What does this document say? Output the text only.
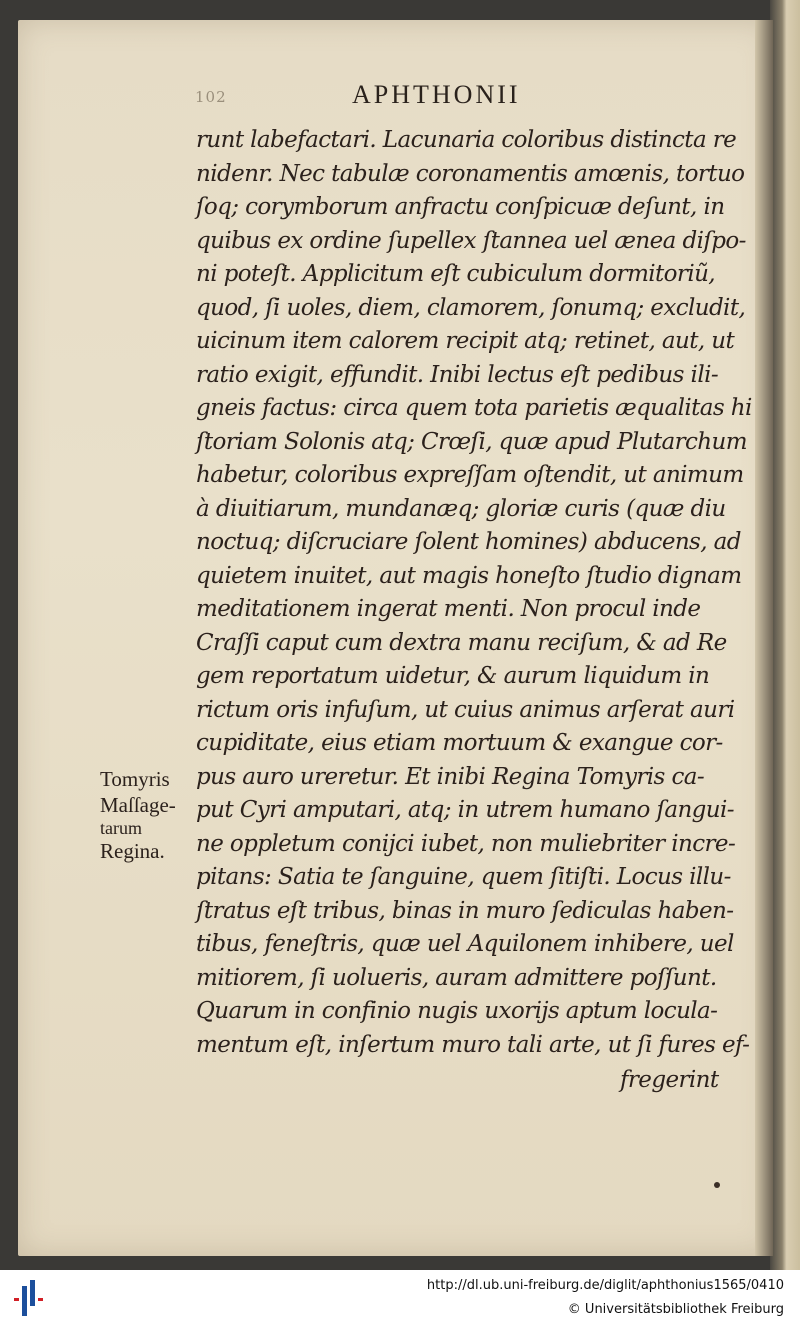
102	APHTHONII
runt labefactari. Lacunaria coloribus distincta re
nidenr. Nec tabulæ coronamentis amœnis, tortuo
ſoq; corymborum anfractu conſpicuæ deſunt, in
quibus ex ordine ſupellex ſtannea uel ænea diſpo-
ni poteſt. Applicitum eſt cubiculum dormitoriũ,
quod, ſi uoles, diem, clamorem, ſonumq; excludit,
uicinum item calorem recipit atq; retinet, aut, ut
ratio exigit, effundit. Inibi lectus eſt pedibus ili-
gneis factus: circa quem tota parietis æqualitas hi
ſtoriam Solonis atq; Crœſi, quæ apud Plutarchum
habetur, coloribus expreſſam oſtendit, ut animum
à diuitiarum, mundanæq; gloriæ curis (quæ diu
noctuq; diſcruciare ſolent homines) abducens, ad
quietem inuitet, aut magis honeſto ſtudio dignam
meditationem ingerat menti. Non procul inde
Craſſi caput cum dextra manu reciſum, & ad Re
gem reportatum uidetur, & aurum liquidum in
rictum oris infuſum, ut cuius animus arſerat auri
cupiditate, eius etiam mortuum & exangue cor-
pus auro ureretur. Et inibi Regina Tomyris ca-
put Cyri amputari, atq; in utrem humano ſangui-
ne oppletum conijci iubet, non muliebriter incre-
pitans: Satia te ſanguine, quem ſitiſti. Locus illu-
ſtratus eſt tribus, binas in muro ſediculas haben-
tibus, feneſtris, quæ uel Aquilonem inhibere, uel
mitiorem, ſi uolueris, auram admittere poſſunt.
Quarum in confinio nugis uxorijs aptum loculа-
mentum eſt, inſertum muro tali arte, ut ſi fures ef-
fregerint
Tomyris
Maſſage-
tarum
Regina.
http://dl.ub.uni-freiburg.de/diglit/aphthonius1565/0410
© Universitätsbibliothek Freiburg
